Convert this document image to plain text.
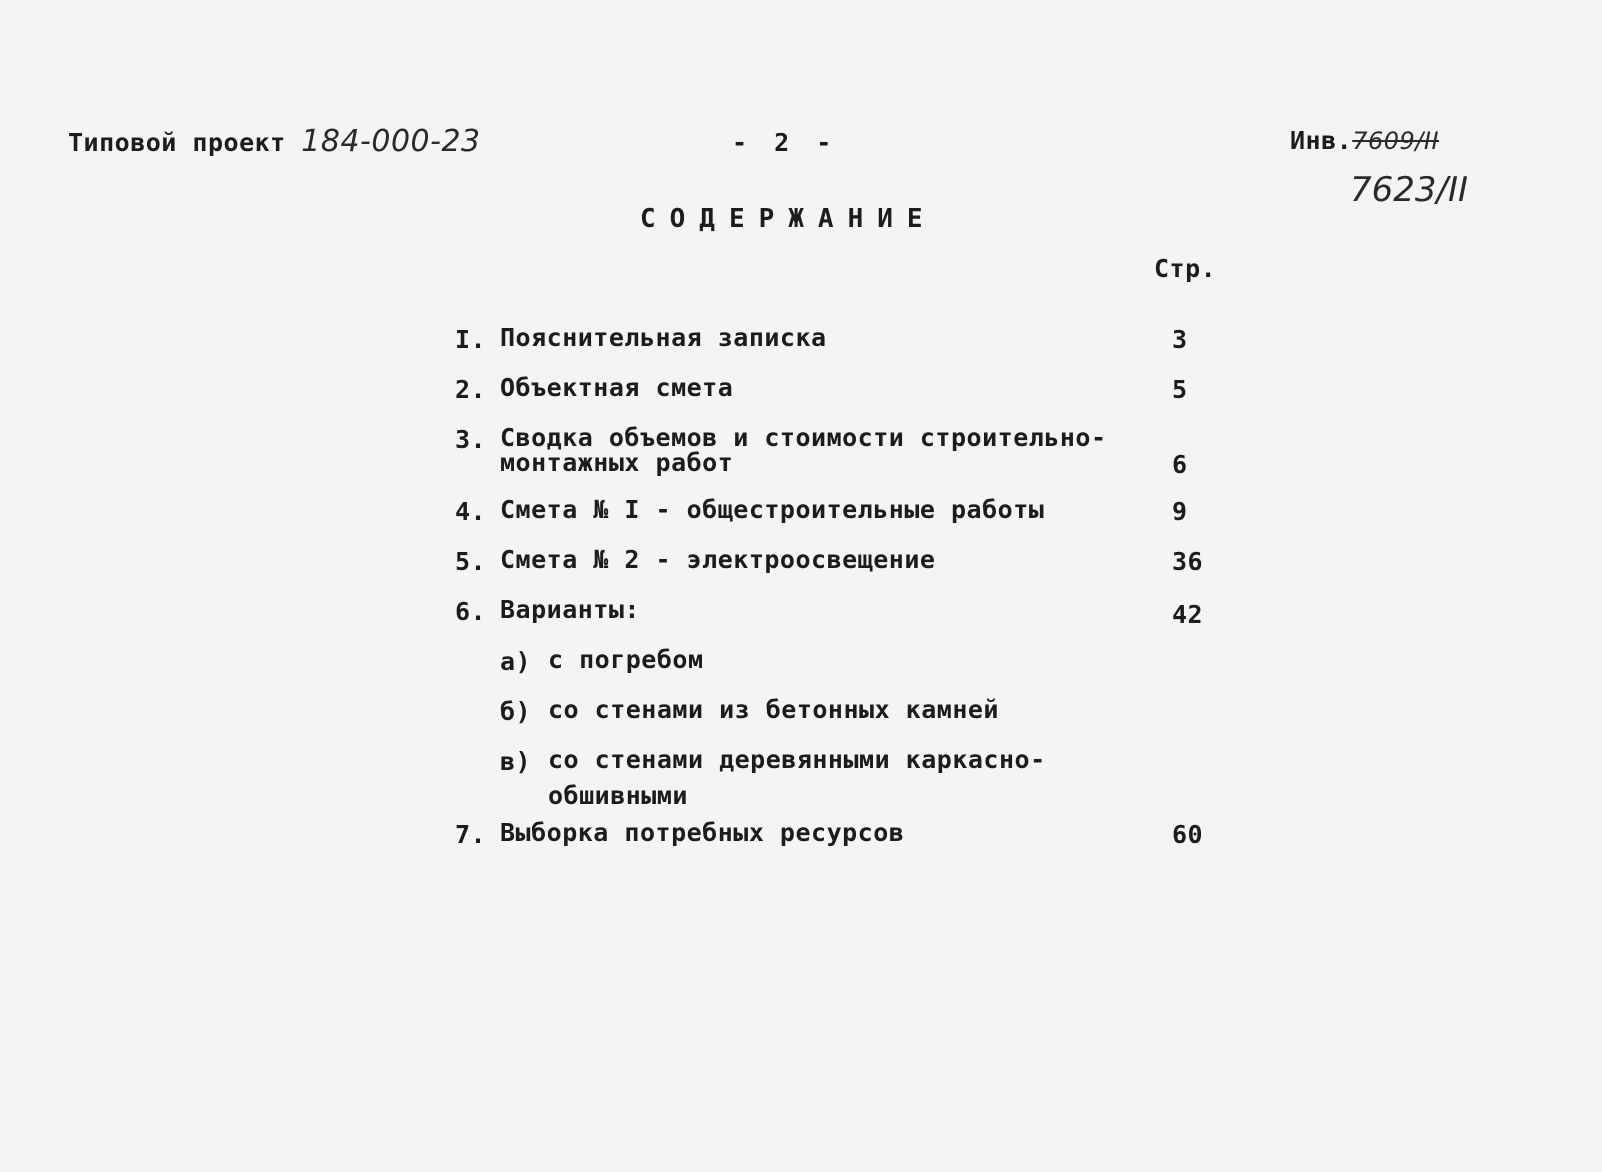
Типовой проект 184-000-23	- 2 -	Инв.7609/II
7623/II
СОДЕРЖАНИЕ
Стр.
I. Пояснительная записка	3
2. Объектная смета	5
3. Сводка объемов и стоимости строительно-
монтажных работ	6
4. Смета № I - общестроительные работы	9
5. Смета № 2 - электроосвещение	36
6. Варианты:	42
а) с погребом
б) со стенами из бетонных камней
в) со стенами деревянными каркасно-
обшивными
7. Выборка потребных ресурсов	60
